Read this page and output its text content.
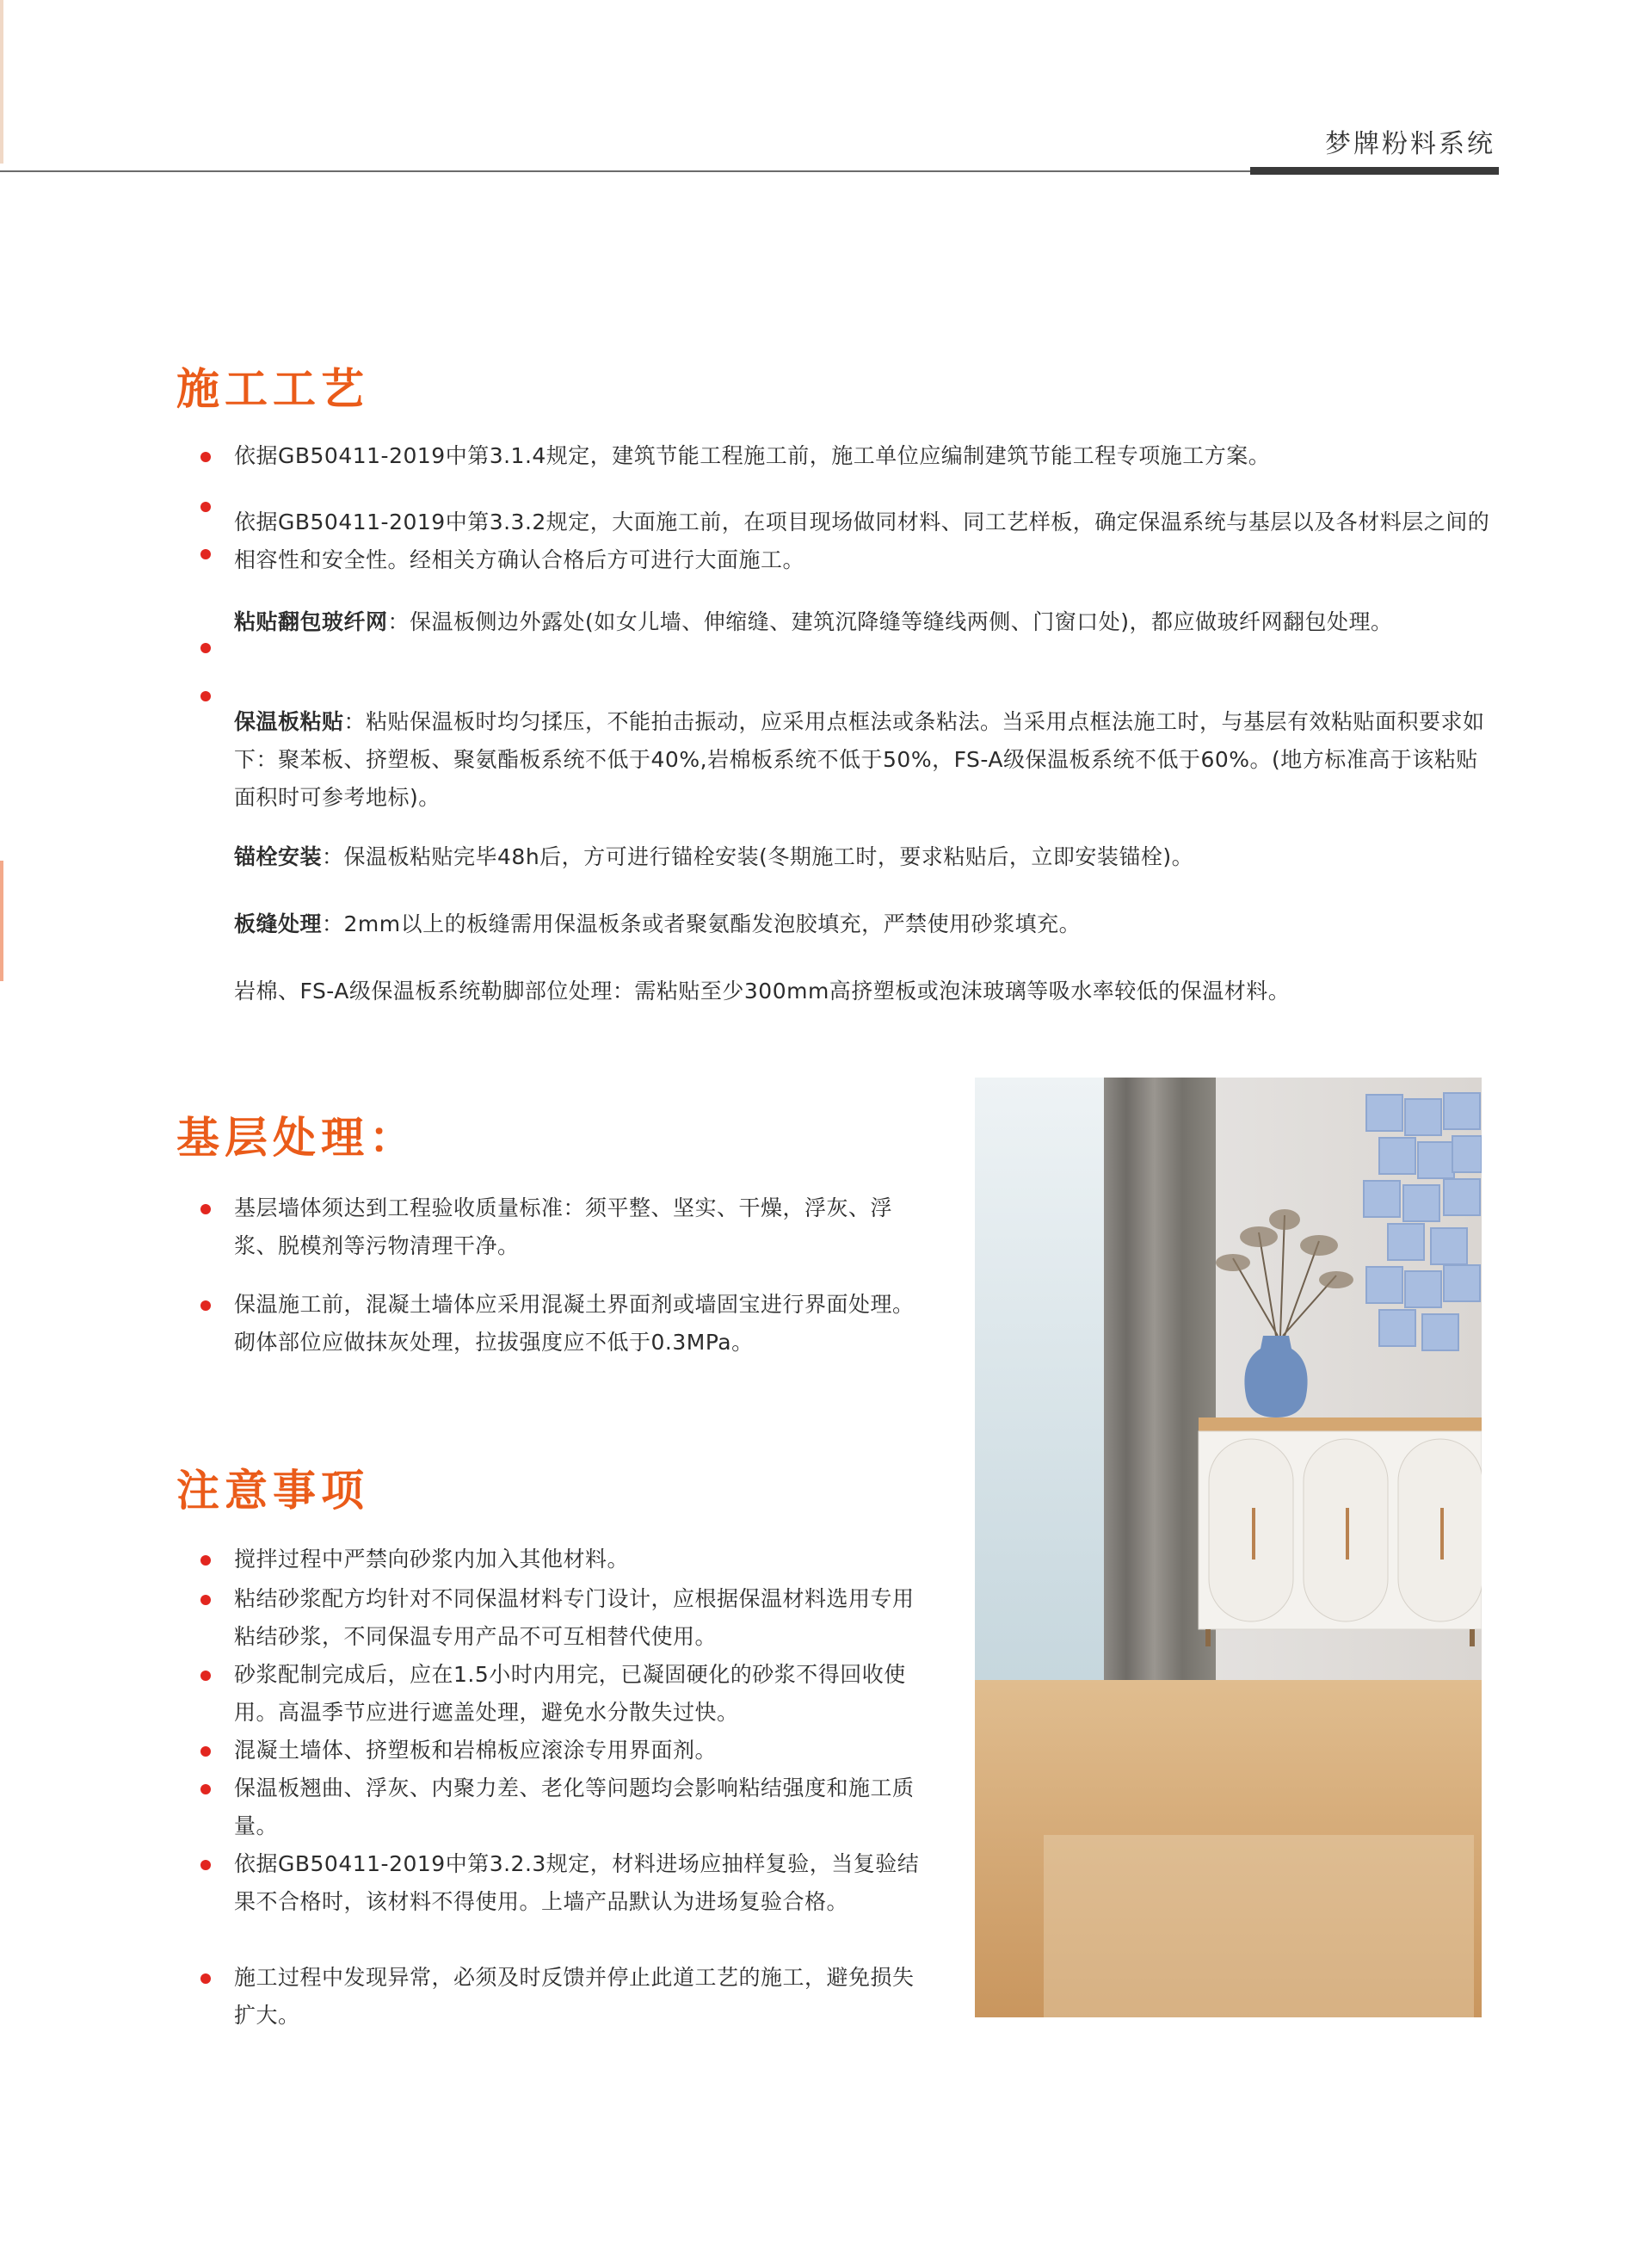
梦牌粉料系统
施工工艺
依据GB50411-2019中第3.1.4规定，建筑节能工程施工前，施工单位应编制建筑节能工程专项施工方案。
依据GB50411-2019中第3.3.2规定，大面施工前，在项目现场做同材料、同工艺样板，确定保温系统与基层以及各材料层之间的相容性和安全性。经相关方确认合格后方可进行大面施工。
粘贴翻包玻纤网：保温板侧边外露处(如女儿墙、伸缩缝、建筑沉降缝等缝线两侧、门窗口处)，都应做玻纤网翻包处理。
保温板粘贴：粘贴保温板时均匀揉压，不能拍击振动，应采用点框法或条粘法。当采用点框法施工时，与基层有效粘贴面积要求如下：聚苯板、挤塑板、聚氨酯板系统不低于40%,岩棉板系统不低于50%，FS-A级保温板系统不低于60%。(地方标准高于该粘贴面积时可参考地标)。
锚栓安装：保温板粘贴完毕48h后，方可进行锚栓安装(冬期施工时，要求粘贴后，立即安装锚栓)。
板缝处理：2mm以上的板缝需用保温板条或者聚氨酯发泡胶填充，严禁使用砂浆填充。
岩棉、FS-A级保温板系统勒脚部位处理：需粘贴至少300mm高挤塑板或泡沫玻璃等吸水率较低的保温材料。
基层处理：
基层墙体须达到工程验收质量标准：须平整、坚实、干燥，浮灰、浮浆、脱模剂等污物清理干净。
保温施工前，混凝土墙体应采用混凝土界面剂或墙固宝进行界面处理。砌体部位应做抹灰处理，拉拔强度应不低于0.3MPa。
注意事项
搅拌过程中严禁向砂浆内加入其他材料。
粘结砂浆配方均针对不同保温材料专门设计，应根据保温材料选用专用粘结砂浆，不同保温专用产品不可互相替代使用。
砂浆配制完成后，应在1.5小时内用完，已凝固硬化的砂浆不得回收使用。高温季节应进行遮盖处理，避免水分散失过快。
混凝土墙体、挤塑板和岩棉板应滚涂专用界面剂。
保温板翘曲、浮灰、内聚力差、老化等问题均会影响粘结强度和施工质量。
依据GB50411-2019中第3.2.3规定，材料进场应抽样复验，当复验结果不合格时，该材料不得使用。上墙产品默认为进场复验合格。
施工过程中发现异常，必须及时反馈并停止此道工艺的施工，避免损失扩大。
